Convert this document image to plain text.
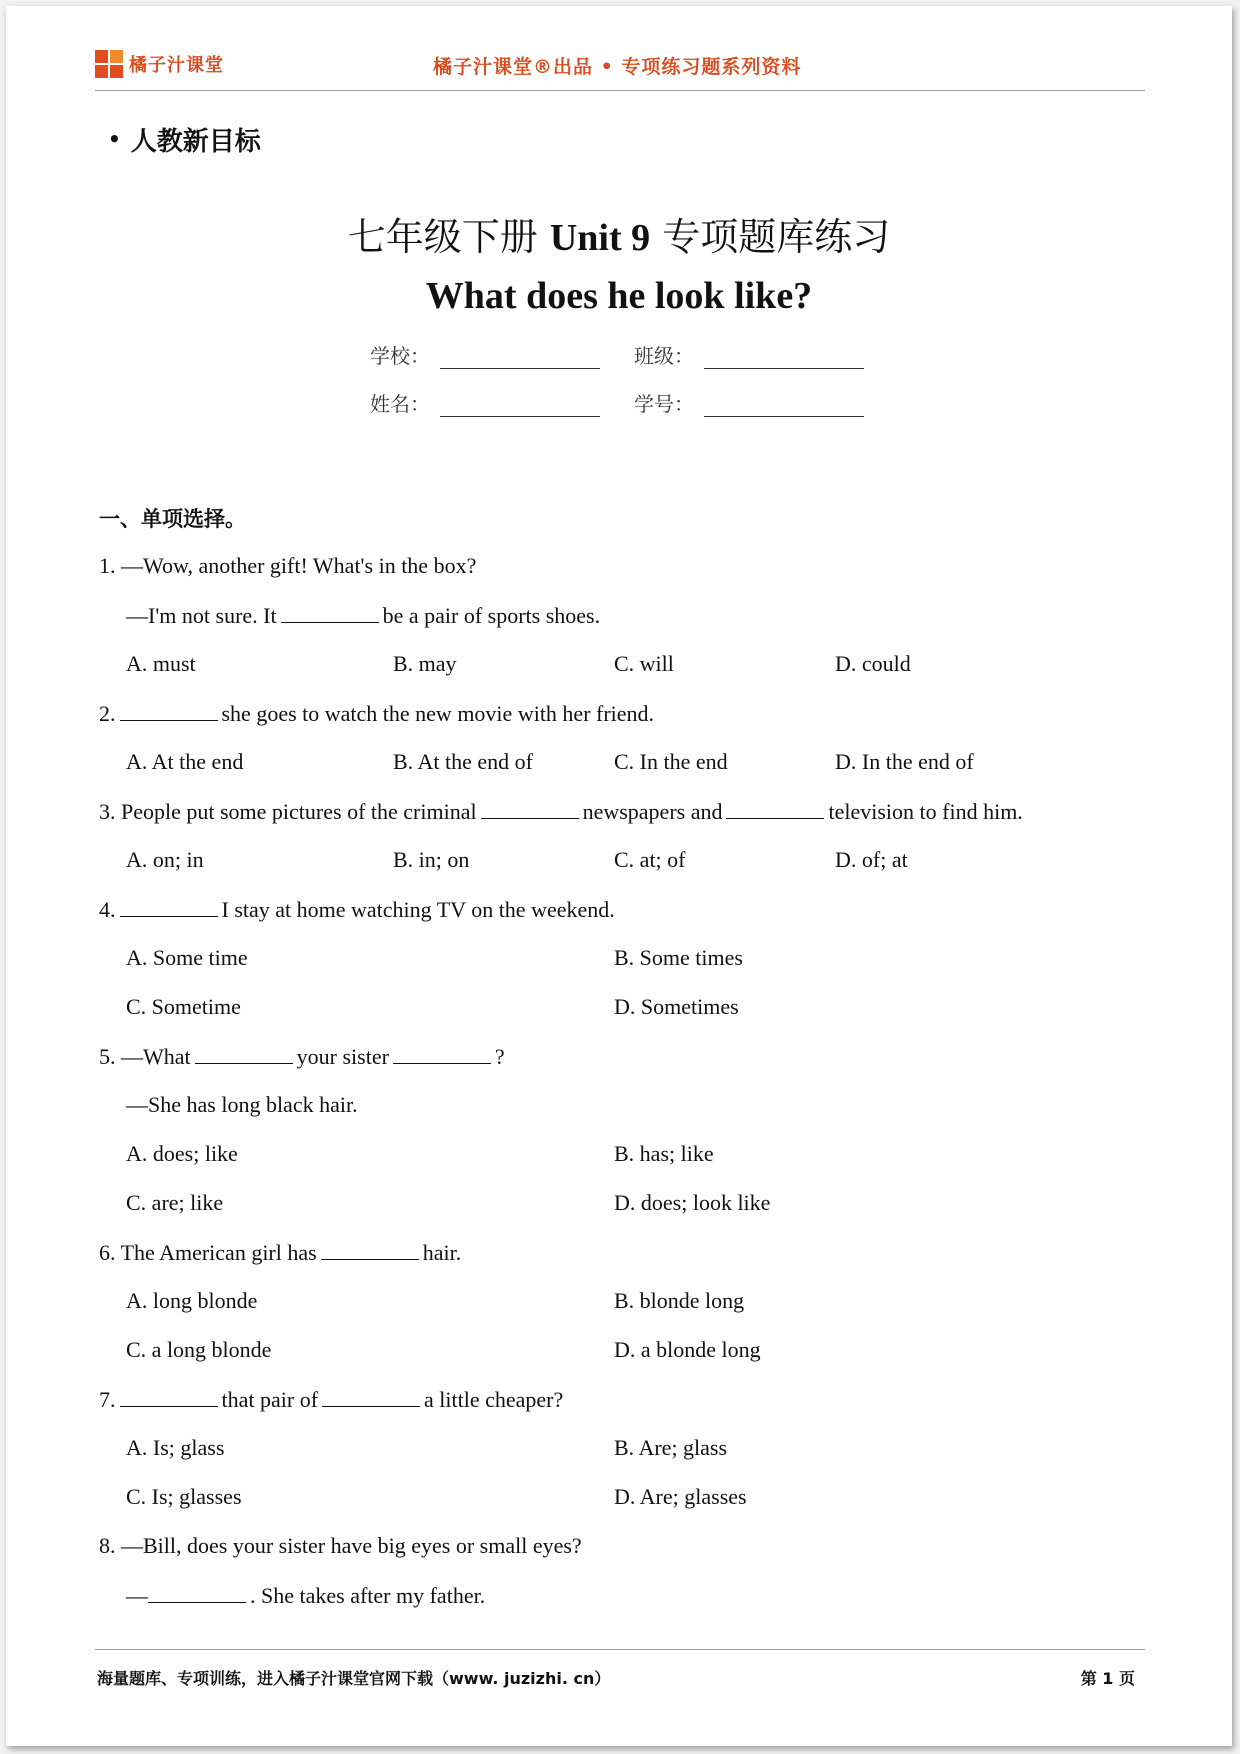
橘子汁课堂	橘子汁课堂®出品 • 专项练习题系列资料
• 人教新目标
七年级下册 Unit 9 专项题库练习
What does he look like?
学校：	班级：
姓名：	学号：
一、单项选择。
1. —Wow, another gift! What's in the box?
—I'm not sure. It	be a pair of sports shoes.
A. must	B. may	C. will	D. could
2.	she goes to watch the new movie with her friend.
A. At the end	B. At the end of	C. In the end	D. In the end of
3. People put some pictures of the criminal	newspapers and	television to find him.
A. on; in	B. in; on	C. at; of	D. of; at
4.	I stay at home watching TV on the weekend.
A. Some time	B. Some times
C. Sometime	D. Sometimes
5. —What	your sister	?
—She has long black hair.
A. does; like	B. has; like
C. are; like	D. does; look like
6. The American girl has	hair.
A. long blonde	B. blonde long
C. a long blonde	D. a blonde long
7.	that pair of	a little cheaper?
A. Is; glass	B. Are; glass
C. Is; glasses	D. Are; glasses
8. —Bill, does your sister have big eyes or small eyes?
—	. She takes after my father.
海量题库、专项训练，进入橘子汁课堂官网下载（www. juzizhi. cn）	第 1 页
